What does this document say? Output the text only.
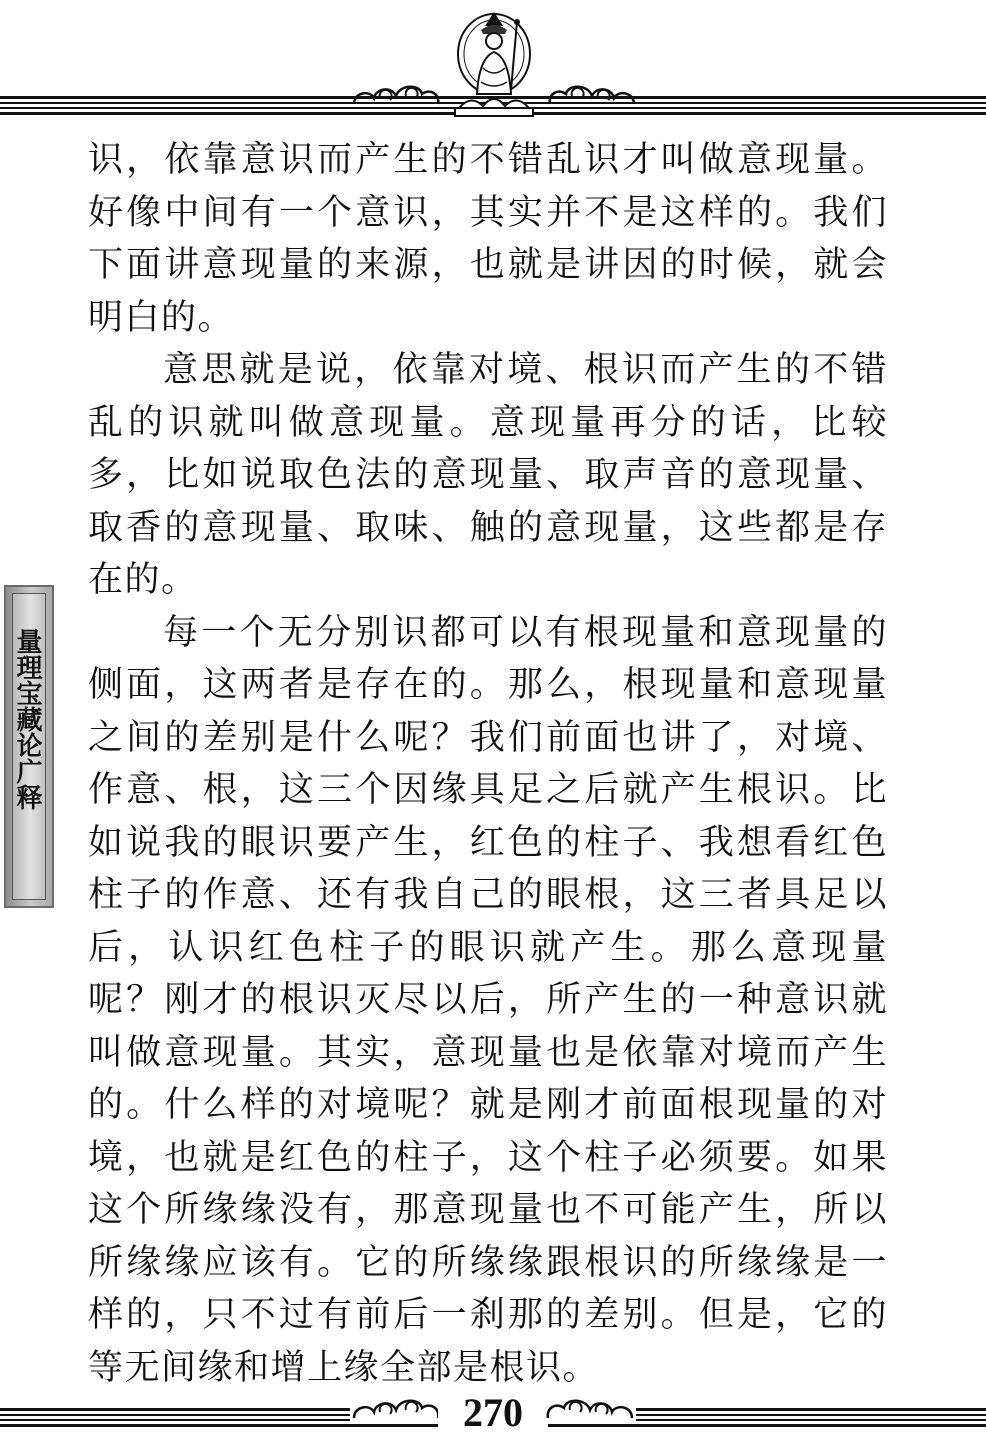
量理宝藏论广释

识，依靠意识而产生的不错乱识才叫做意现量。好像中间有一个意识，其实并不是这样的。我们下面讲意现量的来源，也就是讲因的时候，就会明白的。

意思就是说，依靠对境、根识而产生的不错乱的识就叫做意现量。意现量再分的话，比较多，比如说取色法的意现量、取声音的意现量、取香的意现量、取味、触的意现量，这些都是存在的。

每一个无分别识都可以有根现量和意现量的侧面，这两者是存在的。那么，根现量和意现量之间的差别是什么呢？我们前面也讲了，对境、作意、根，这三个因缘具足之后就产生根识。比如说我的眼识要产生，红色的柱子、我想看红色柱子的作意、还有我自己的眼根，这三者具足以后，认识红色柱子的眼识就产生。那么意现量呢？刚才的根识灭尽以后，所产生的一种意识就叫做意现量。其实，意现量也是依靠对境而产生的。什么样的对境呢？就是刚才前面根现量的对境，也就是红色的柱子，这个柱子必须要。如果这个所缘缘没有，那意现量也不可能产生，所以所缘缘应该有。它的所缘缘跟根识的所缘缘是一样的，只不过有前后一刹那的差别。但是，它的等无间缘和增上缘全部是根识。

270
